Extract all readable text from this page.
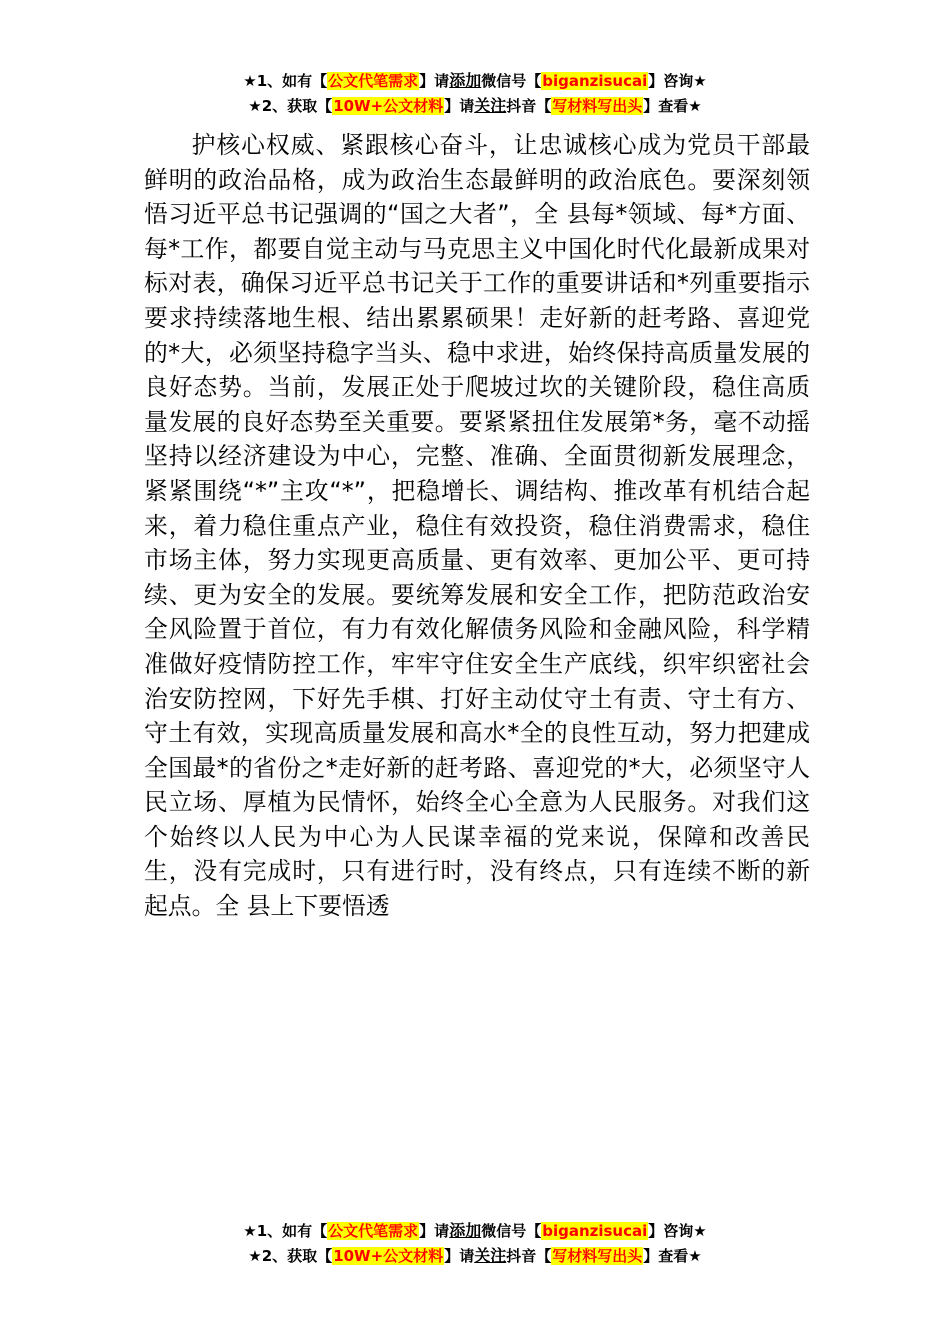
★1、如有【公文代笔需求】请添加微信号【biganzisucai】咨询★
★2、获取【10W+公文材料】请关注抖音【写材料写出头】查看★

护核心权威、紧跟核心奋斗，让忠诚核心成为党员干部最鲜明的政治品格，成为政治生态最鲜明的政治底色。要深刻领悟习近平总书记强调的“国之大者”，全 县每*领域、每*方面、每*工作，都要自觉主动与马克思主义中国化时代化最新成果对标对表，确保习近平总书记关于工作的重要讲话和*列重要指示要求持续落地生根、结出累累硕果！走好新的赶考路、喜迎党的*大，必须坚持稳字当头、稳中求进，始终保持高质量发展的良好态势。当前，发展正处于爬坡过坎的关键阶段，稳住高质量发展的良好态势至关重要。要紧紧扭住发展第*务，毫不动摇坚持以经济建设为中心，完整、准确、全面贯彻新发展理念，紧紧围绕“*”主攻“*”，把稳增长、调结构、推改革有机结合起来，着力稳住重点产业，稳住有效投资，稳住消费需求，稳住市场主体，努力实现更高质量、更有效率、更加公平、更可持续、更为安全的发展。要统筹发展和安全工作，把防范政治安全风险置于首位，有力有效化解债务风险和金融风险，科学精准做好疫情防控工作，牢牢守住安全生产底线，织牢织密社会治安防控网，下好先手棋、打好主动仗守土有责、守土有方、守土有效，实现高质量发展和高水*全的良性互动，努力把建成全国最*的省份之*走好新的赶考路、喜迎党的*大，必须坚守人民立场、厚植为民情怀，始终全心全意为人民服务。对我们这个始终以人民为中心为人民谋幸福的党来说，保障和改善民生，没有完成时，只有进行时，没有终点，只有连续不断的新起点。全 县上下要悟透

★1、如有【公文代笔需求】请添加微信号【biganzisucai】咨询★
★2、获取【10W+公文材料】请关注抖音【写材料写出头】查看★
